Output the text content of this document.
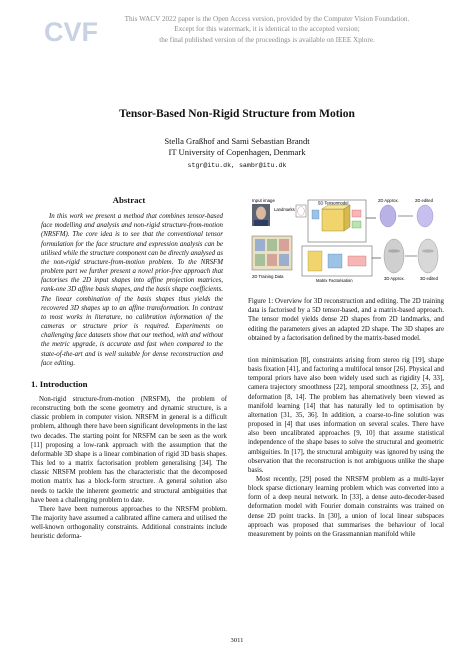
CVF	This WACV 2022 paper is the Open Access version, provided by the Computer Vision Foundation.
Except for this watermark, it is identical to the accepted version;
the final published version of the proceedings is available on IEEE Xplore.
Tensor-Based Non-Rigid Structure from Motion
Stella Graßhof and Sami Sebastian Brandt
IT University of Copenhagen, Denmark
stgr@itu.dk, sambr@itu.dk
Abstract

In this work we present a method that combines tensor-based face modelling and analysis and non-rigid structure-from-motion (NRSFM). The core idea is to see that the conventional tensor formulation for the face structure and expression analysis can be utilised while the structure component can be directly analysed as the non-rigid structure-from-motion problem. To the NRSFM problem part we further present a novel prior-free approach that factorises the 2D input shapes into affine projection matrices, rank-one 3D affine basis shapes, and the basis shape coefficients. The linear combination of the basis shapes thus yields the recovered 3D shapes up to an affine transformation. In contrast to most works in literature, no calibration information of the cameras or structure prior is required. Experiments on challenging face datasets show that our method, with and without the metric upgrade, is accurate and fast when compared to the state-of-the-art and is well suitable for dense reconstruction and face editing.

1. Introduction

Non-rigid structure-from-motion (NRSFM), the problem of reconstructing both the scene geometry and dynamic structure, is a classic problem in computer vision. NRSFM in general is a difficult problem, although there have been significant developments in the last two decades. The starting point for NRSFM can be seen as the work [11] proposing a low-rank approach with the assumption that the deformable 3D shape is a linear combination of rigid 3D basis shapes. This led to a matrix factorisation problem generalising [34]. The classic NRSFM problem has the characteristic that the decomposed motion matrix has a block-form structure. A general solution also needs to tackle the inherent geometric and structural ambiguities that have been a challenging problem to date.

There have been numerous approaches to the NRSFM problem. The majority have assumed a calibrated affine camera and utilised the well-known orthogonality constraints. Additional constraints include heuristic deforma-

Input image
Landmarks
5D Tensormodel	2D Approx.	2D edited
2D Training Data
Matrix Factorisation	3D Approx.	3D edited

Figure 1: Overview for 3D reconstruction and editing. The 2D training data is factorised by a 5D tensor-based, and a matrix-based approach. The tensor model yields dense 2D shapes from 2D landmarks, and editing the parameters gives an adapted 2D shape. The 3D shapes are obtained by a factorisation defined by the matrix-based model.

tion minimisation [8], constraints arising from stereo rig [19], shape basis fixation [41], and factoring a multifocal tensor [26]. Physical and temporal priors have also been widely used such as rigidity [4, 33], camera trajectory smoothness [22], temporal smoothness [2, 35], and deformation [8, 14]. The problem has alternatively been viewed as manifold learning [14] that has naturally led to optimisation by alternation [31, 35, 36]. In addition, a coarse-to-fine solution was proposed in [4] that uses information on several scales. There have also been uncalibrated approaches [9, 10] that assume statistical independence of the shape bases to solve the structural and geometric ambiguities. In [17], the structural ambiguity was ignored by using the observation that the reconstruction is not ambiguous unlike the shape basis.

Most recently, [29] posed the NRSFM problem as a multi-layer block sparse dictionary learning problem which was converted into a form of a deep neural network. In [33], a dense auto-decoder-based deformation model with Fourier domain constraints was trained on dense 2D point tracks. In [30], a union of local linear subspaces approach was proposed that summarises the behaviour of local measurement by points on the Grassmannian manifold while

3011
